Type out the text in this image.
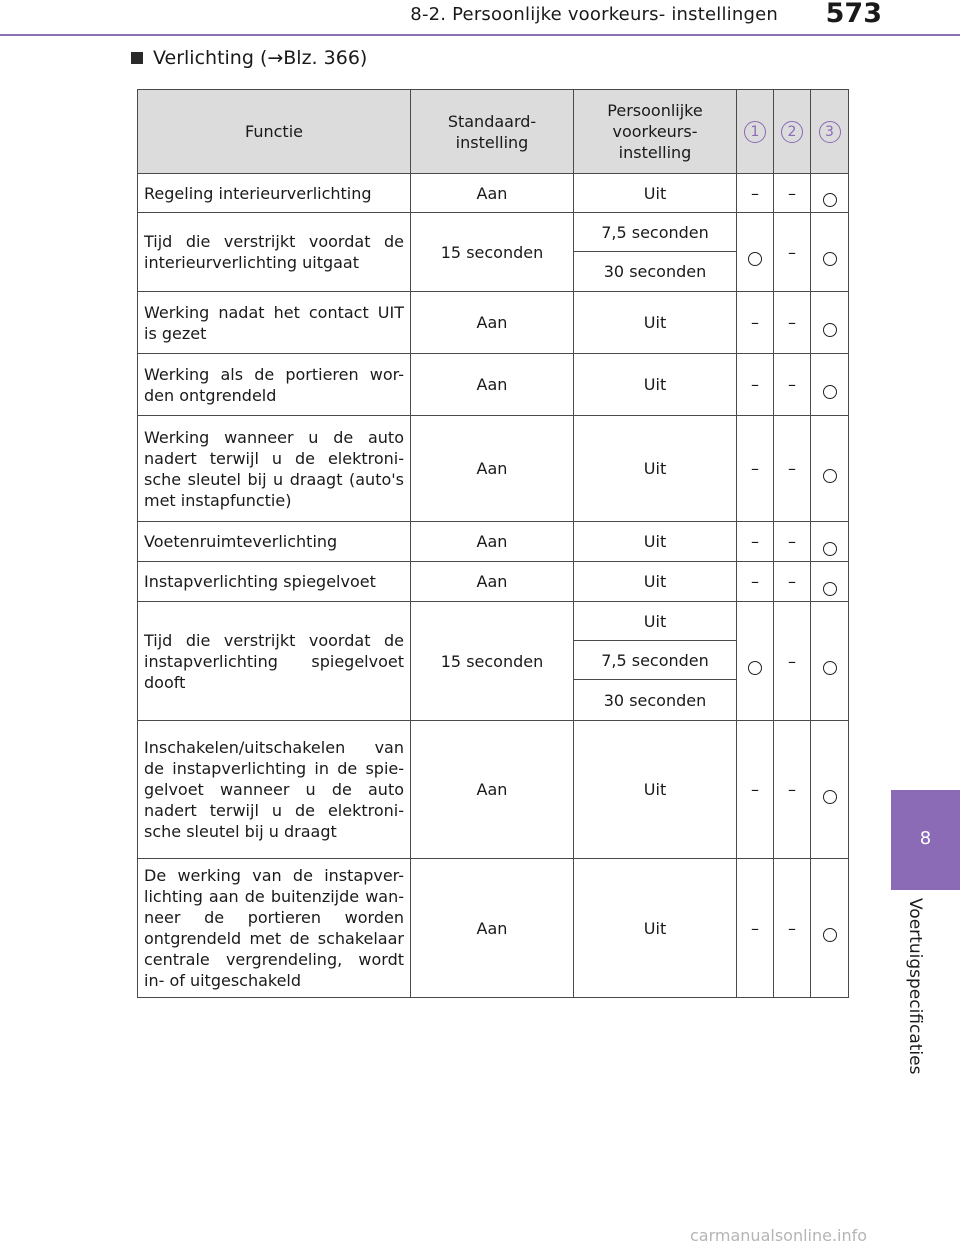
8-2. Persoonlijke voorkeurs- instellingen 573
8
Voertuigspecificaties
Verlichting (→Blz. 366)
Functie	Standaard-instelling	Persoonlijke voorkeurs-instelling	1	2	3
Regeling interieurverlichting	Aan	Uit	–	–	
Tijd die verstrijkt voordat de interieurverlichting uitgaat	15 seconden	7,5 seconden		–	
		30 seconden			
Werking nadat het contact UIT is gezet	Aan	Uit	–	–	
Werking als de portieren wor-den ontgrendeld	Aan	Uit	–	–	
Werking wanneer u de auto nadert terwijl u de elektroni-sche sleutel bij u draagt (auto's met instapfunctie)	Aan	Uit	–	–	
Voetenruimteverlichting	Aan	Uit	–	–	
Instapverlichting spiegelvoet	Aan	Uit	–	–	
Tijd die verstrijkt voordat de instapverlichting spiegelvoet dooft	15 seconden	Uit		–	
		7,5 seconden			
		30 seconden			
Inschakelen/uitschakelen van de instapverlichting in de spie-gelvoet wanneer u de auto nadert terwijl u de elektroni-sche sleutel bij u draagt	Aan	Uit	–	–	
De werking van de instapver-lichting aan de buitenzijde wan-neer de portieren worden ontgrendeld met de schakelaar centrale vergrendeling, wordt in- of uitgeschakeld	Aan	Uit	–	–	
carmanualsonline.info
